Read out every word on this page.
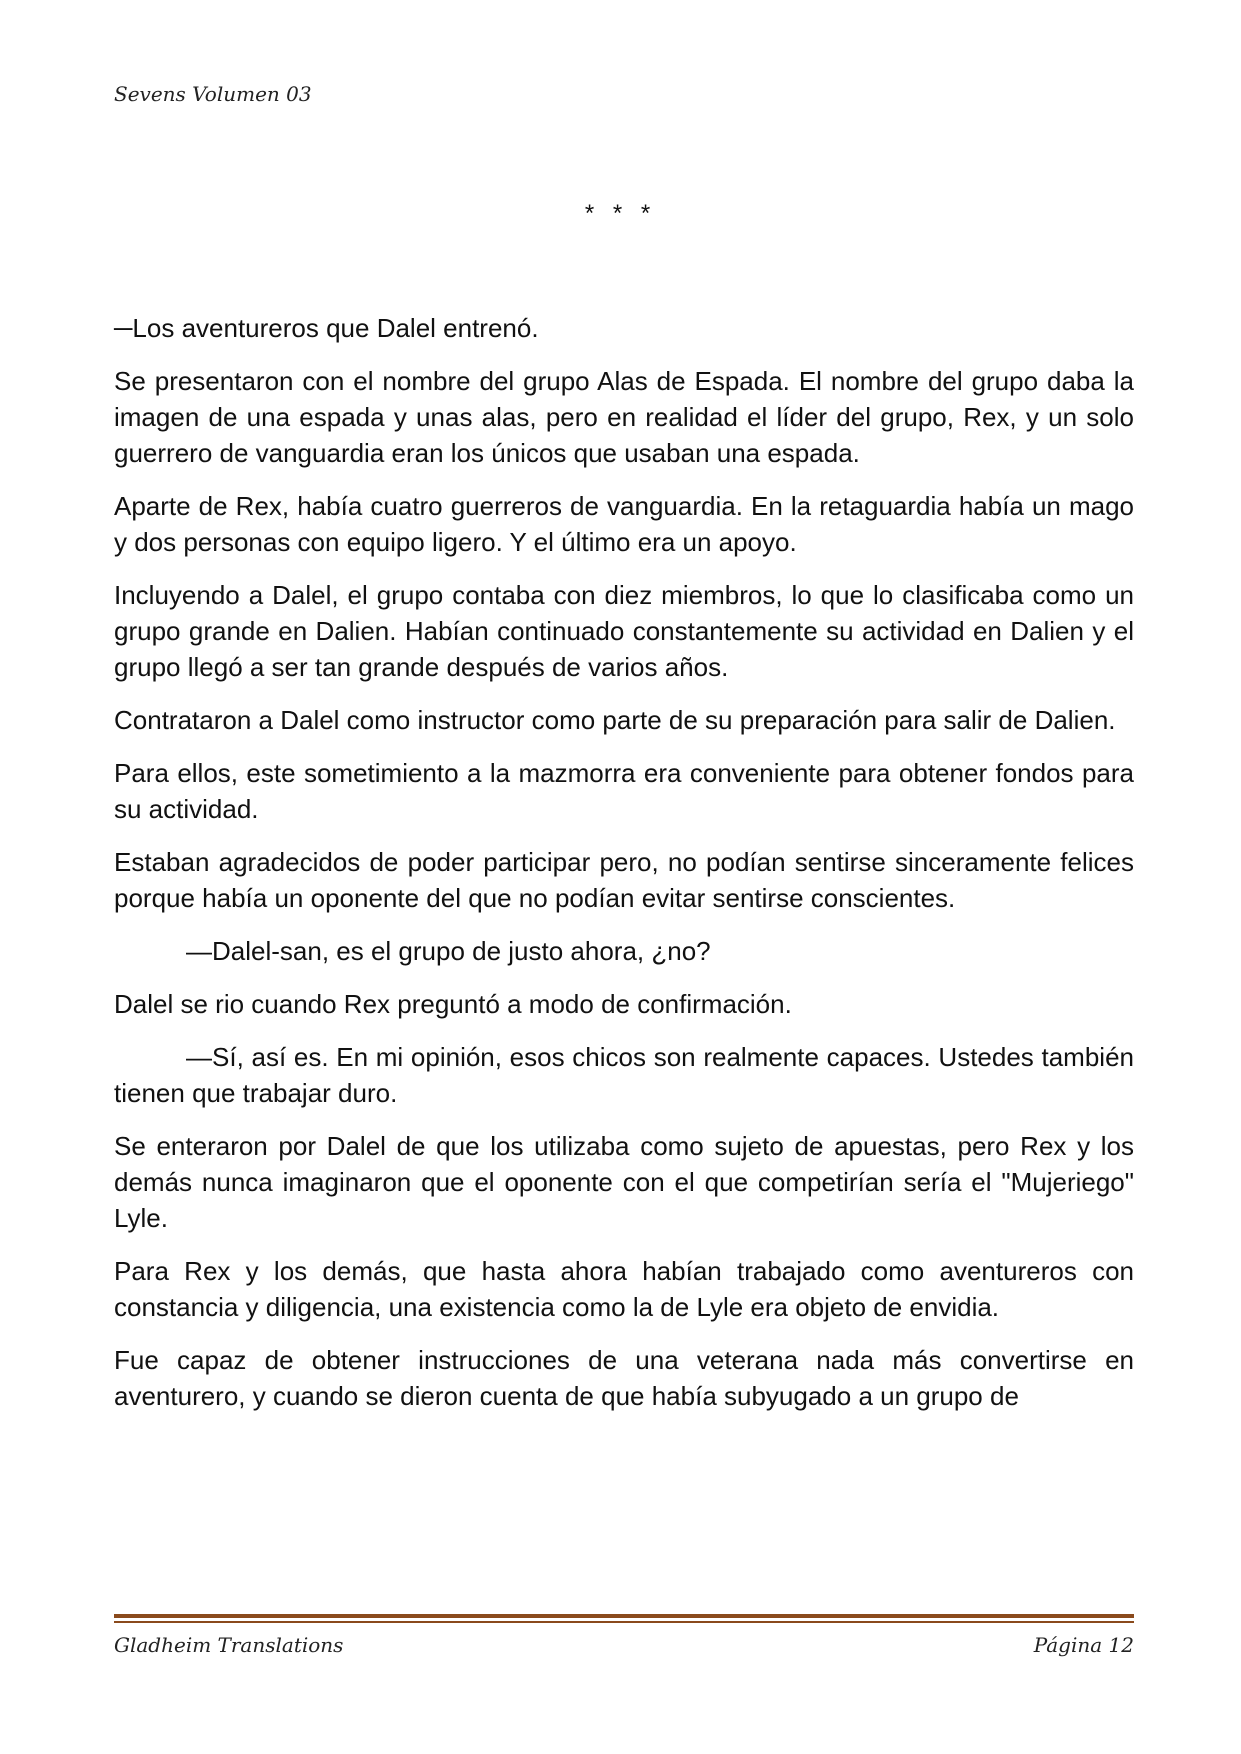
Sevens Volumen 03
* * *

─Los aventureros que Dalel entrenó.

Se presentaron con el nombre del grupo Alas de Espada. El nombre del grupo daba la imagen de una espada y unas alas, pero en realidad el líder del grupo, Rex, y un solo guerrero de vanguardia eran los únicos que usaban una espada.

Aparte de Rex, había cuatro guerreros de vanguardia. En la retaguardia había un mago y dos personas con equipo ligero. Y el último era un apoyo.

Incluyendo a Dalel, el grupo contaba con diez miembros, lo que lo clasificaba como un grupo grande en Dalien. Habían continuado constantemente su actividad en Dalien y el grupo llegó a ser tan grande después de varios años.

Contrataron a Dalel como instructor como parte de su preparación para salir de Dalien.

Para ellos, este sometimiento a la mazmorra era conveniente para obtener fondos para su actividad.

Estaban agradecidos de poder participar pero, no podían sentirse sinceramente felices porque había un oponente del que no podían evitar sentirse conscientes.

—Dalel-san, es el grupo de justo ahora, ¿no?

Dalel se rio cuando Rex preguntó a modo de confirmación.

—Sí, así es. En mi opinión, esos chicos son realmente capaces. Ustedes también tienen que trabajar duro.

Se enteraron por Dalel de que los utilizaba como sujeto de apuestas, pero Rex y los demás nunca imaginaron que el oponente con el que competirían sería el "Mujeriego" Lyle.

Para Rex y los demás, que hasta ahora habían trabajado como aventureros con constancia y diligencia, una existencia como la de Lyle era objeto de envidia.

Fue capaz de obtener instrucciones de una veterana nada más convertirse en aventurero, y cuando se dieron cuenta de que había subyugado a un grupo de

Gladheim Translations	Página 12
